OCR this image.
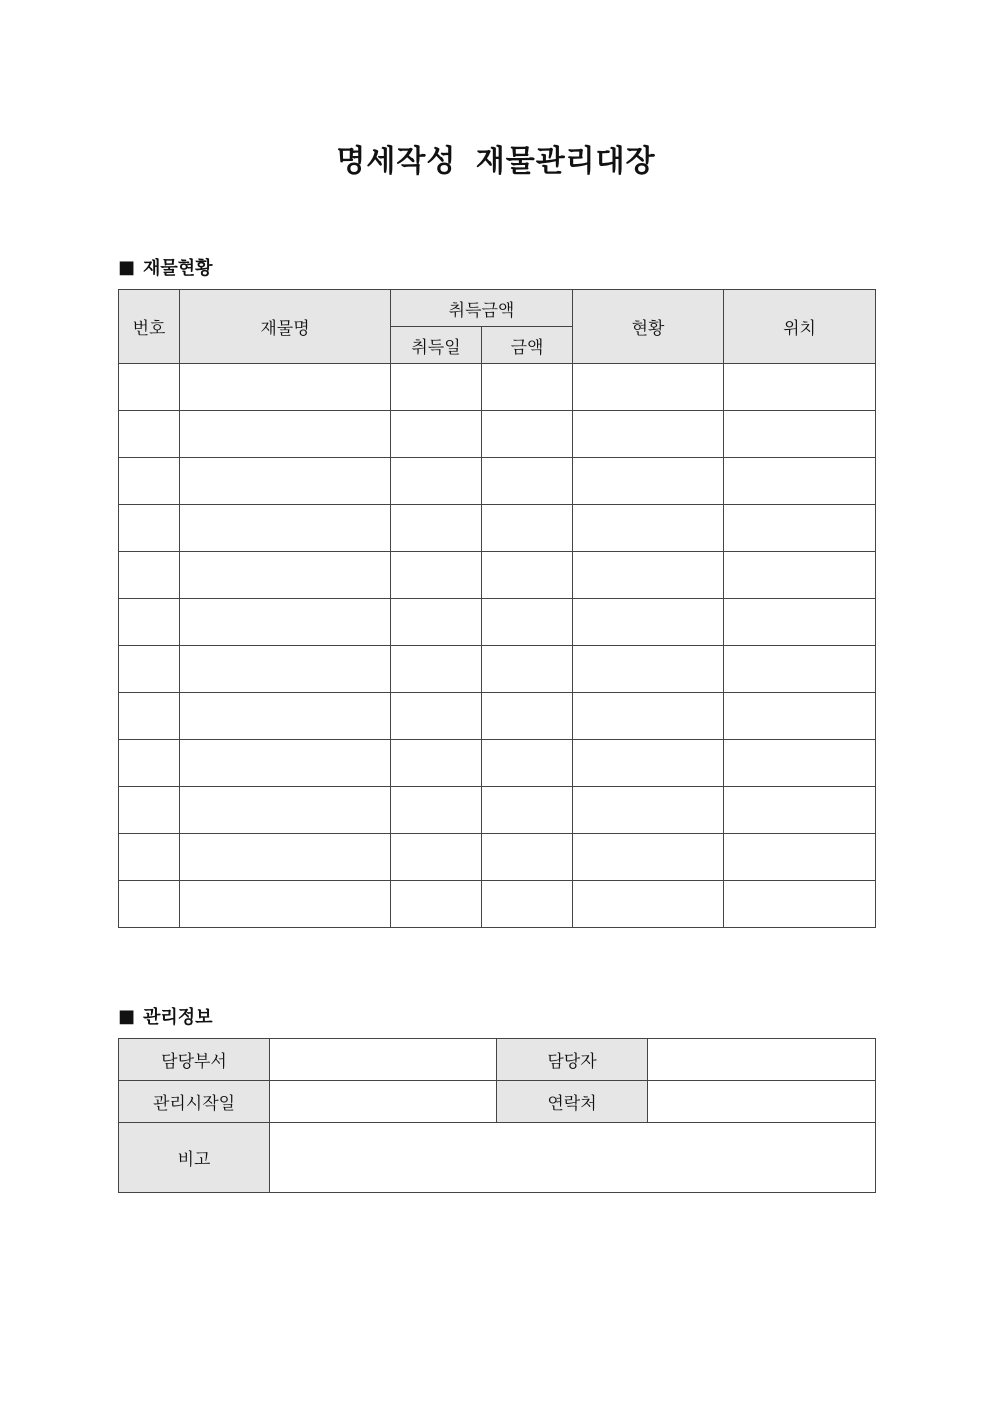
명세작성 재물관리대장
■ 재물현황
번호	재물명	취득금액		현황	위치
		취득일	금액		

■ 관리정보
담당부서		담당자	
관리시작일		연락처	
비고			
